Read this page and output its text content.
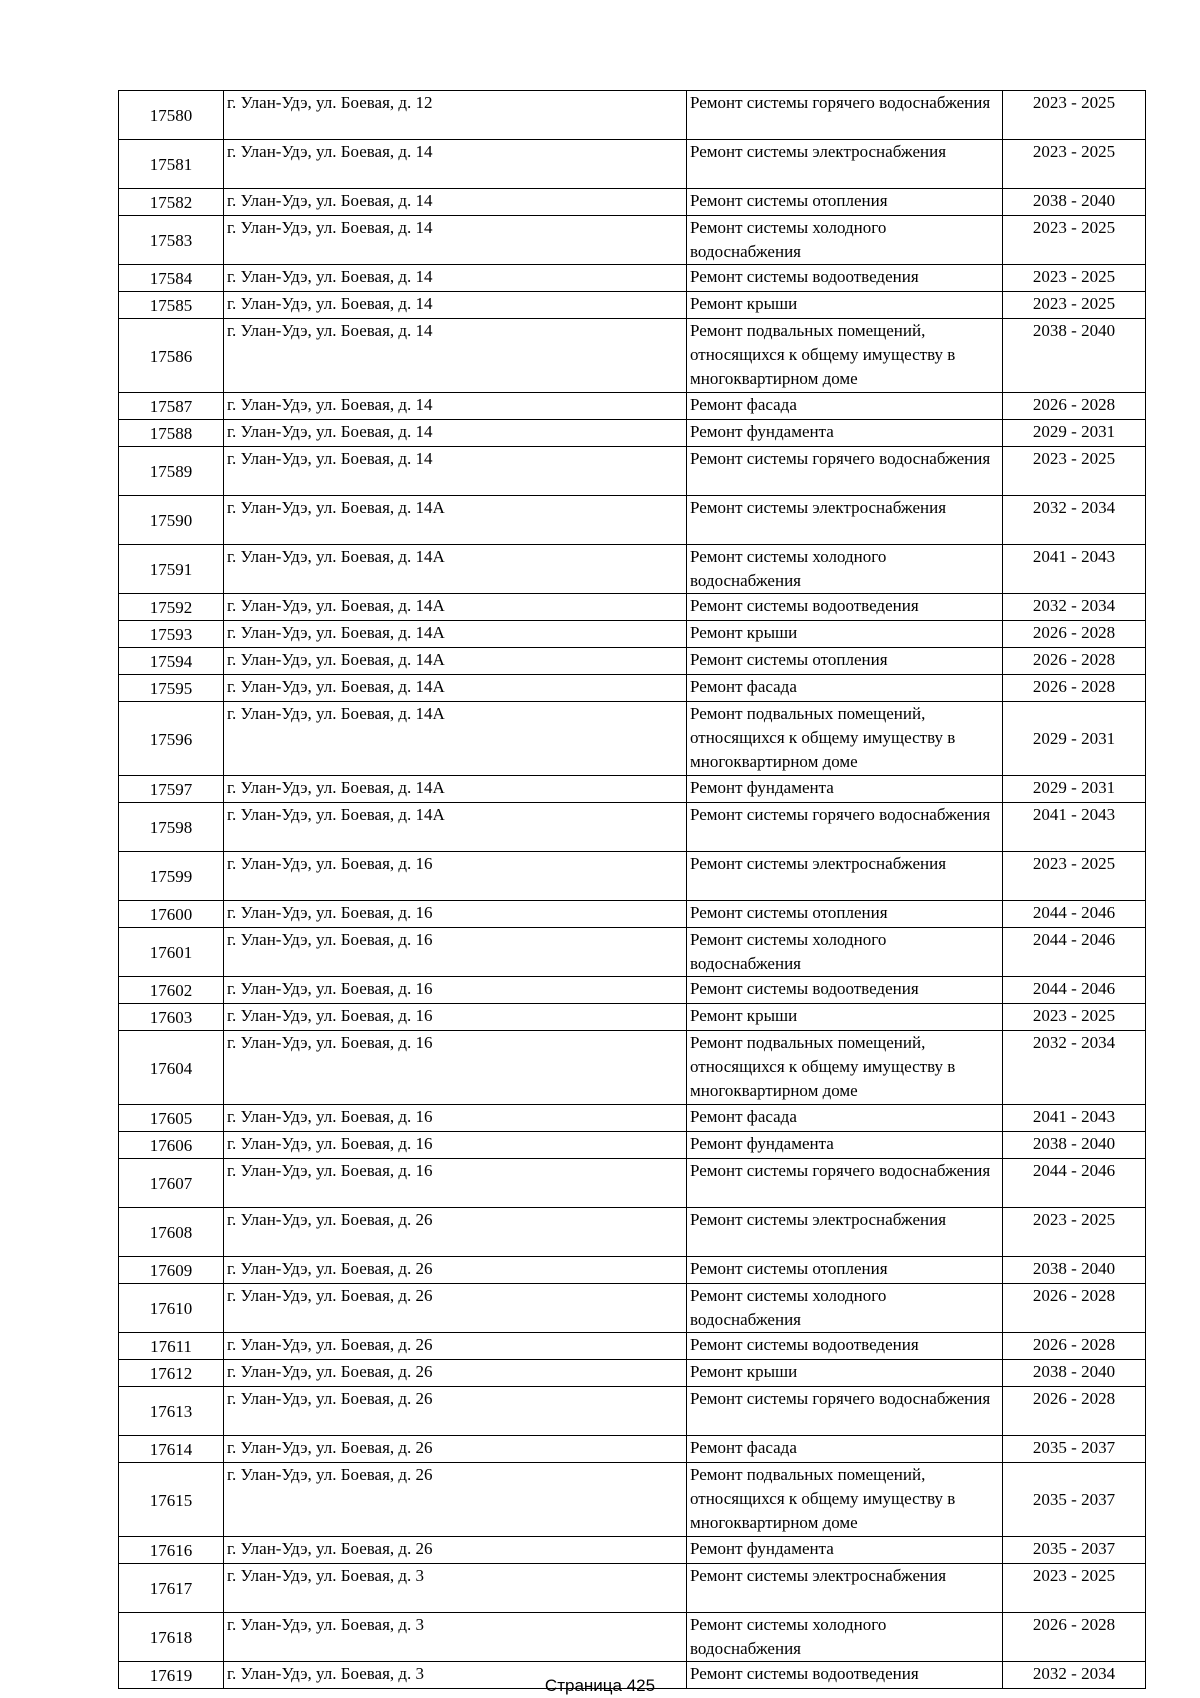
17580	г. Улан-Удэ, ул. Боевая, д. 12	Ремонт системы горячего водоснабжения	2023 - 2025
17581	г. Улан-Удэ, ул. Боевая, д. 14	Ремонт системы электроснабжения	2023 - 2025
17582	г. Улан-Удэ, ул. Боевая, д. 14	Ремонт системы отопления	2038 - 2040
17583	г. Улан-Удэ, ул. Боевая, д. 14	Ремонт системы холодного водоснабжения	2023 - 2025
17584	г. Улан-Удэ, ул. Боевая, д. 14	Ремонт системы водоотведения	2023 - 2025
17585	г. Улан-Удэ, ул. Боевая, д. 14	Ремонт крыши	2023 - 2025
17586	г. Улан-Удэ, ул. Боевая, д. 14	Ремонт подвальных помещений, относящихся к общему имуществу в многоквартирном доме	2038 - 2040
17587	г. Улан-Удэ, ул. Боевая, д. 14	Ремонт фасада	2026 - 2028
17588	г. Улан-Удэ, ул. Боевая, д. 14	Ремонт фундамента	2029 - 2031
17589	г. Улан-Удэ, ул. Боевая, д. 14	Ремонт системы горячего водоснабжения	2023 - 2025
17590	г. Улан-Удэ, ул. Боевая, д. 14А	Ремонт системы электроснабжения	2032 - 2034
17591	г. Улан-Удэ, ул. Боевая, д. 14А	Ремонт системы холодного водоснабжения	2041 - 2043
17592	г. Улан-Удэ, ул. Боевая, д. 14А	Ремонт системы водоотведения	2032 - 2034
17593	г. Улан-Удэ, ул. Боевая, д. 14А	Ремонт крыши	2026 - 2028
17594	г. Улан-Удэ, ул. Боевая, д. 14А	Ремонт системы отопления	2026 - 2028
17595	г. Улан-Удэ, ул. Боевая, д. 14А	Ремонт фасада	2026 - 2028
17596	г. Улан-Удэ, ул. Боевая, д. 14А	Ремонт подвальных помещений, относящихся к общему имуществу в многоквартирном доме	2029 - 2031
17597	г. Улан-Удэ, ул. Боевая, д. 14А	Ремонт фундамента	2029 - 2031
17598	г. Улан-Удэ, ул. Боевая, д. 14А	Ремонт системы горячего водоснабжения	2041 - 2043
17599	г. Улан-Удэ, ул. Боевая, д. 16	Ремонт системы электроснабжения	2023 - 2025
17600	г. Улан-Удэ, ул. Боевая, д. 16	Ремонт системы отопления	2044 - 2046
17601	г. Улан-Удэ, ул. Боевая, д. 16	Ремонт системы холодного водоснабжения	2044 - 2046
17602	г. Улан-Удэ, ул. Боевая, д. 16	Ремонт системы водоотведения	2044 - 2046
17603	г. Улан-Удэ, ул. Боевая, д. 16	Ремонт крыши	2023 - 2025
17604	г. Улан-Удэ, ул. Боевая, д. 16	Ремонт подвальных помещений, относящихся к общему имуществу в многоквартирном доме	2032 - 2034
17605	г. Улан-Удэ, ул. Боевая, д. 16	Ремонт фасада	2041 - 2043
17606	г. Улан-Удэ, ул. Боевая, д. 16	Ремонт фундамента	2038 - 2040
17607	г. Улан-Удэ, ул. Боевая, д. 16	Ремонт системы горячего водоснабжения	2044 - 2046
17608	г. Улан-Удэ, ул. Боевая, д. 26	Ремонт системы электроснабжения	2023 - 2025
17609	г. Улан-Удэ, ул. Боевая, д. 26	Ремонт системы отопления	2038 - 2040
17610	г. Улан-Удэ, ул. Боевая, д. 26	Ремонт системы холодного водоснабжения	2026 - 2028
17611	г. Улан-Удэ, ул. Боевая, д. 26	Ремонт системы водоотведения	2026 - 2028
17612	г. Улан-Удэ, ул. Боевая, д. 26	Ремонт крыши	2038 - 2040
17613	г. Улан-Удэ, ул. Боевая, д. 26	Ремонт системы горячего водоснабжения	2026 - 2028
17614	г. Улан-Удэ, ул. Боевая, д. 26	Ремонт фасада	2035 - 2037
17615	г. Улан-Удэ, ул. Боевая, д. 26	Ремонт подвальных помещений, относящихся к общему имуществу в многоквартирном доме	2035 - 2037
17616	г. Улан-Удэ, ул. Боевая, д. 26	Ремонт фундамента	2035 - 2037
17617	г. Улан-Удэ, ул. Боевая, д. 3	Ремонт системы электроснабжения	2023 - 2025
17618	г. Улан-Удэ, ул. Боевая, д. 3	Ремонт системы холодного водоснабжения	2026 - 2028
17619	г. Улан-Удэ, ул. Боевая, д. 3	Ремонт системы водоотведения	2032 - 2034
Страница 425
